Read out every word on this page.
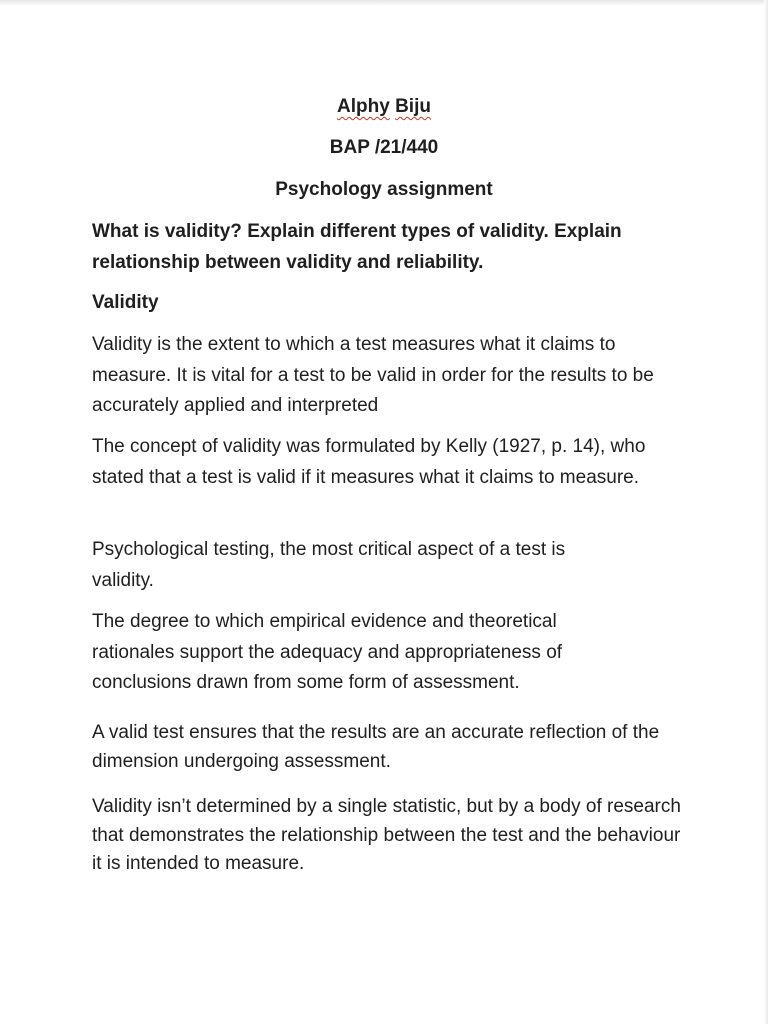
Alphy Biju
BAP /21/440
Psychology assignment
What is validity? Explain different types of validity. Explain relationship between validity and reliability.
Validity
Validity is the extent to which a test measures what it claims to measure. It is vital for a test to be valid in order for the results to be accurately applied and interpreted
The concept of validity was formulated by Kelly (1927, p. 14), who stated that a test is valid if it measures what it claims to measure.
Psychological testing, the most critical aspect of a test is validity.
The degree to which empirical evidence and theoretical rationales support the adequacy and appropriateness of conclusions drawn from some form of assessment.
A valid test ensures that the results are an accurate reflection of the dimension undergoing assessment.
Validity isn’t determined by a single statistic, but by a body of research that demonstrates the relationship between the test and the behaviour it is intended to measure.
